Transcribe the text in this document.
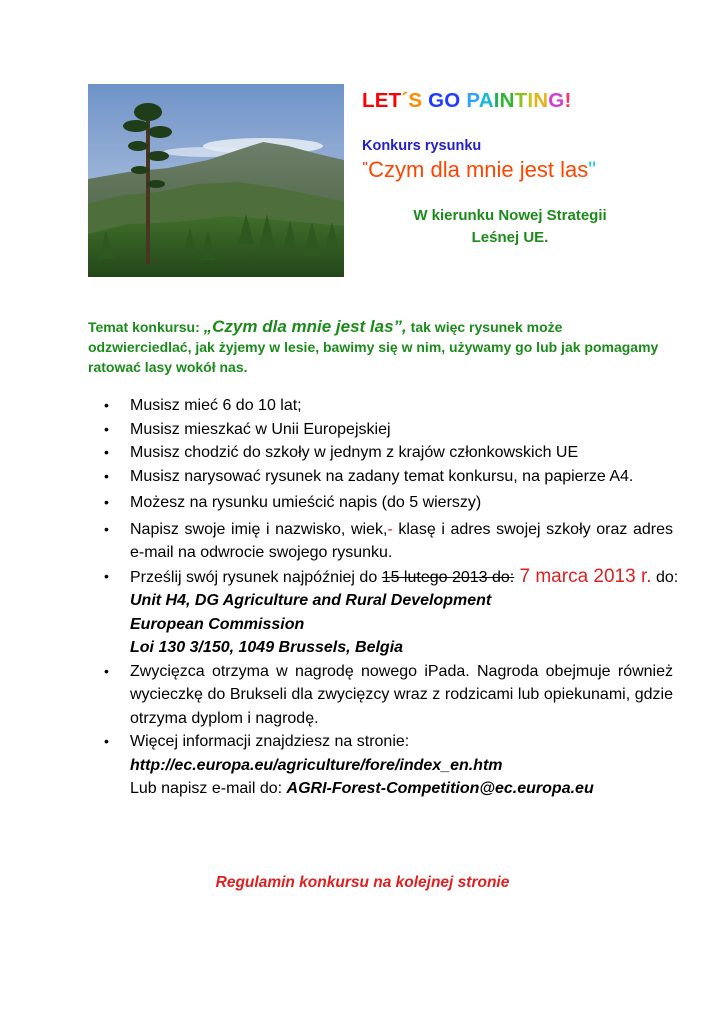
LET´S GO PAINTING!
Konkurs rysunku
"Czym dla mnie jest las"
W kierunku Nowej Strategii
Leśnej UE.
Temat konkursu: „Czym dla mnie jest las”, tak więc rysunek może odzwierciedlać, jak żyjemy w lesie, bawimy się w nim, używamy go lub jak pomagamy ratować lasy wokół nas.
• Musisz mieć 6 do 10 lat;
• Musisz mieszkać w Unii Europejskiej
• Musisz chodzić do szkoły w jednym z krajów członkowskich UE
• Musisz narysować rysunek na zadany temat konkursu, na papierze A4.
• Możesz na rysunku umieścić napis (do 5 wierszy)
• Napisz swoje imię i nazwisko, wiek,- klasę i adres swojej szkoły oraz adres e-mail na odwrocie swojego rysunku.
• Prześlij swój rysunek najpóźniej do 15 lutego 2013 do: 7 marca 2013 r. do:
Unit H4, DG Agriculture and Rural Development
European Commission
Loi 130 3/150, 1049 Brussels, Belgia
• Zwycięzca otrzyma w nagrodę nowego iPada. Nagroda obejmuje również wycieczkę do Brukseli dla zwycięzcy wraz z rodzicami lub opiekunami, gdzie otrzyma dyplom i nagrodę.
• Więcej informacji znajdziesz na stronie:
http://ec.europa.eu/agriculture/fore/index_en.htm
Lub napisz e-mail do: AGRI-Forest-Competition@ec.europa.eu
Regulamin konkursu na kolejnej stronie
